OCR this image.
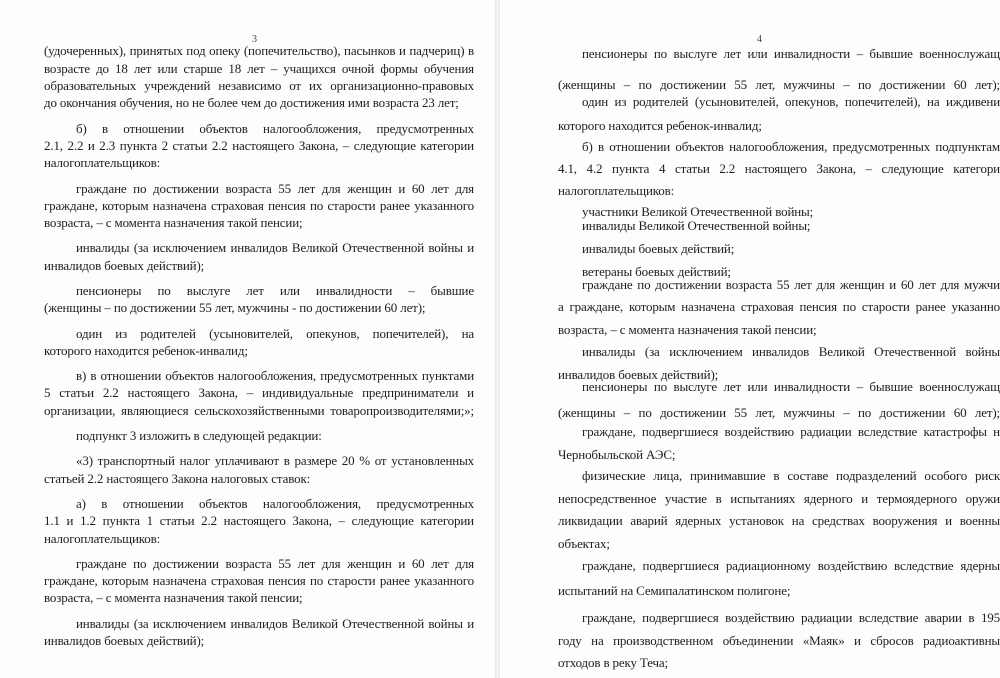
3
(удочеренных), принятых под опеку (попечительство), пасынков и падчериц) в
возрасте до 18 лет или старше 18 лет – учащихся очной формы обучения
образовательных учреждений независимо от их организационно-правовых
до окончания обучения, но не более чем до достижения ими возраста 23 лет;
б) в отношении объектов налогообложения, предусмотренных
2.1, 2.2 и 2.3 пункта 2 статьи 2.2 настоящего Закона, – следующие категории
налогоплательщиков:
граждане по достижении возраста 55 лет для женщин и 60 лет для
граждане, которым назначена страховая пенсия по старости ранее указанного
возраста, – с момента назначения такой пенсии;
инвалиды (за исключением инвалидов Великой Отечественной войны и
инвалидов боевых действий);
пенсионеры по выслуге лет или инвалидности – бывшие
(женщины – по достижении 55 лет, мужчины - по достижении 60 лет);
один из родителей (усыновителей, опекунов, попечителей), на
которого находится ребенок-инвалид;
в) в отношении объектов налогообложения, предусмотренных пунктами
5 статьи 2.2 настоящего Закона, – индивидуальные предприниматели и
организации, являющиеся сельскохозяйственными товаропроизводителями;»;
подпункт 3 изложить в следующей редакции:
«3) транспортный налог уплачивают в размере 20 % от установленных
статьей 2.2 настоящего Закона налоговых ставок:
а) в отношении объектов налогообложения, предусмотренных
1.1 и 1.2 пункта 1 статьи 2.2 настоящего Закона, – следующие категории
налогоплательщиков:
граждане по достижении возраста 55 лет для женщин и 60 лет для
граждане, которым назначена страховая пенсия по старости ранее указанного
возраста, – с момента назначения такой пенсии;
инвалиды (за исключением инвалидов Великой Отечественной войны и
инвалидов боевых действий);
4
пенсионеры по выслуге лет или инвалидности – бывшие военнослужащ
(женщины – по достижении 55 лет, мужчины – по достижении 60 лет);
один из родителей (усыновителей, опекунов, попечителей), на иждивени
которого находится ребенок-инвалид;
б) в отношении объектов налогообложения, предусмотренных подпунктам
4.1, 4.2 пункта 4 статьи 2.2 настоящего Закона, – следующие категори
налогоплательщиков:
участники Великой Отечественной войны;
инвалиды Великой Отечественной войны;
инвалиды боевых действий;
ветераны боевых действий;
граждане по достижении возраста 55 лет для женщин и 60 лет для мужчи
а граждане, которым назначена страховая пенсия по старости ранее указанно
возраста, – с момента назначения такой пенсии;
инвалиды (за исключением инвалидов Великой Отечественной войны
инвалидов боевых действий);
пенсионеры по выслуге лет или инвалидности – бывшие военнослужащ
(женщины – по достижении 55 лет, мужчины – по достижении 60 лет);
граждане, подвергшиеся воздействию радиации вследствие катастрофы н
Чернобыльской АЭС;
физические лица, принимавшие в составе подразделений особого риск
непосредственное участие в испытаниях ядерного и термоядерного оружи
ликвидации аварий ядерных установок на средствах вооружения и военны
объектах;
граждане, подвергшиеся радиационному воздействию вследствие ядерны
испытаний на Семипалатинском полигоне;
граждане, подвергшиеся воздействию радиации вследствие аварии в 195
году на производственном объединении «Маяк» и сбросов радиоактивны
отходов в реку Теча;
